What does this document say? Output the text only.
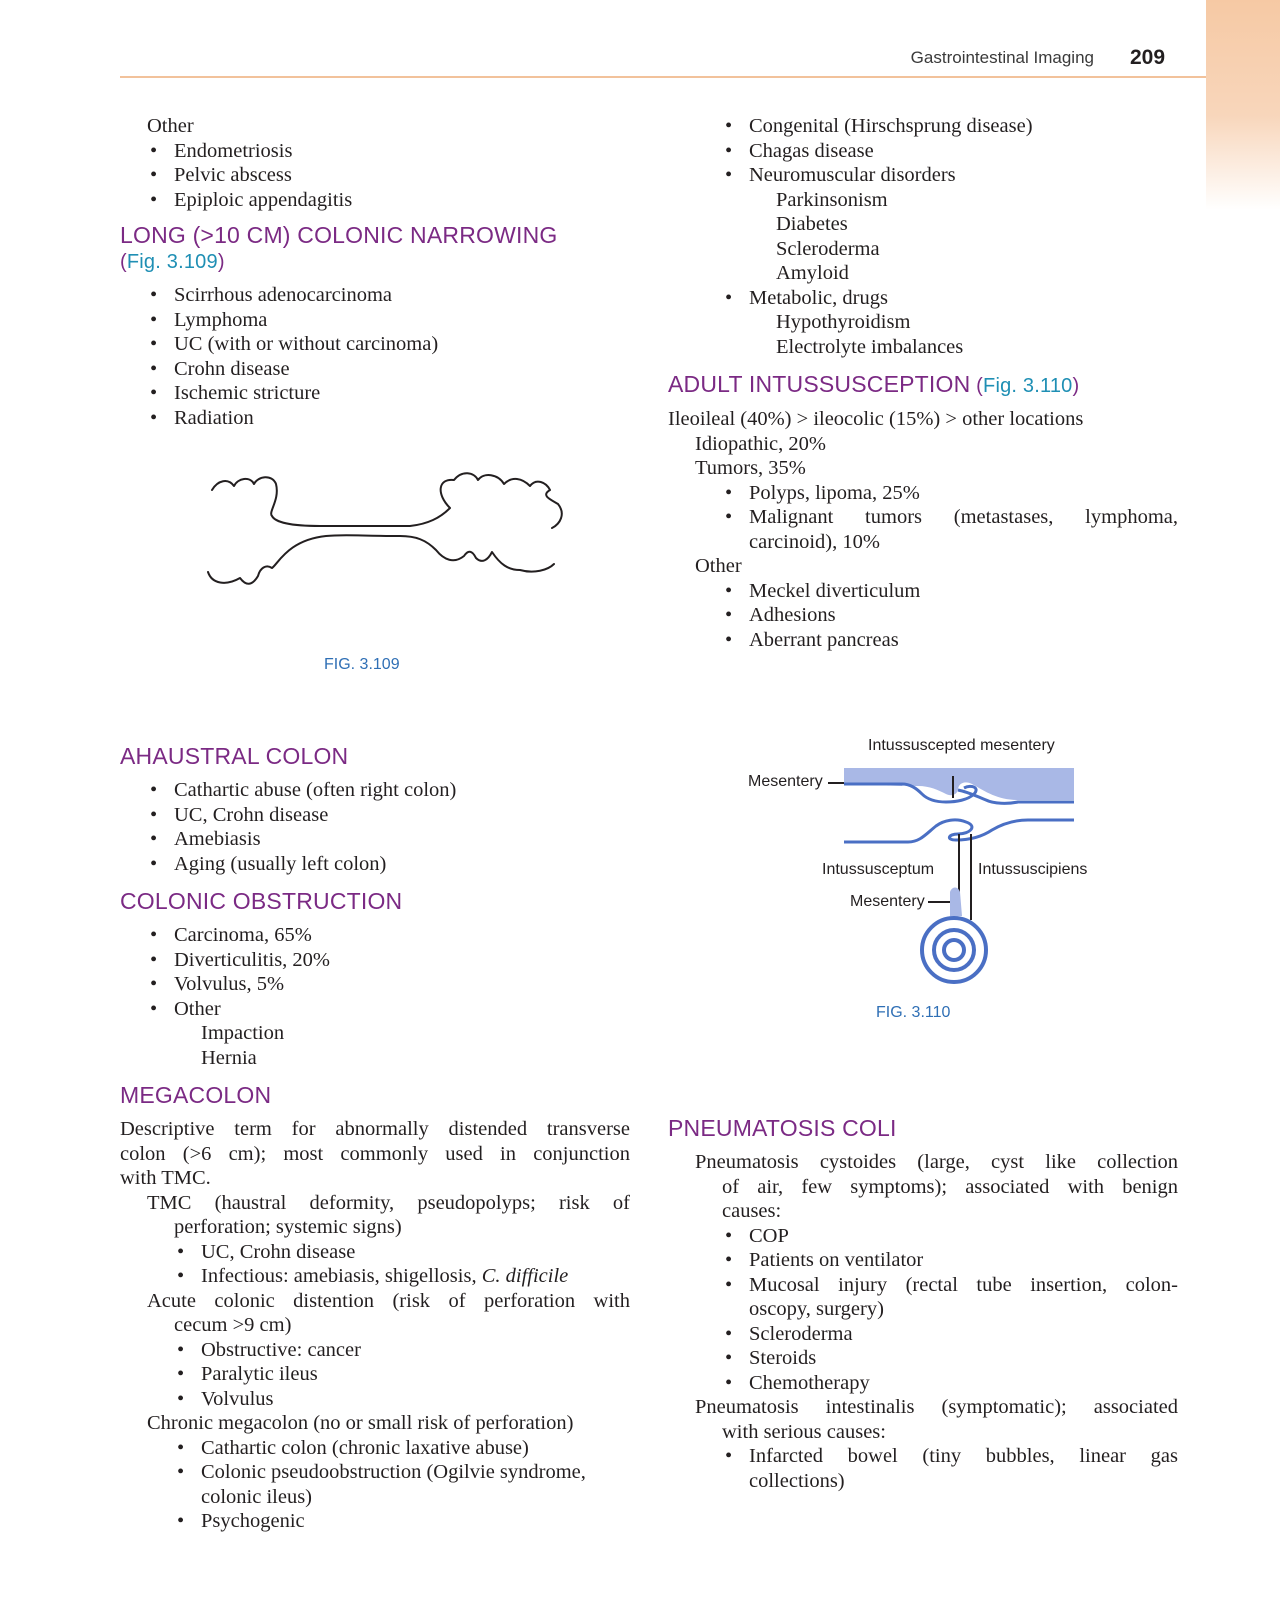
Gastrointestinal Imaging 209
Other
• Endometriosis
• Pelvic abscess
• Epiploic appendagitis
LONG (>10 CM) COLONIC NARROWING
(Fig. 3.109)
• Scirrhous adenocarcinoma
• Lymphoma
• UC (with or without carcinoma)
• Crohn disease
• Ischemic stricture
• Radiation
FIG. 3.109
AHAUSTRAL COLON
• Cathartic abuse (often right colon)
• UC, Crohn disease
• Amebiasis
• Aging (usually left colon)
COLONIC OBSTRUCTION
• Carcinoma, 65%
• Diverticulitis, 20%
• Volvulus, 5%
• Other
Impaction
Hernia
MEGACOLON
Descriptive term for abnormally distended transverse
colon (>6 cm); most commonly used in conjunction
with TMC.
TMC (haustral deformity, pseudopolyps; risk of
perforation; systemic signs)
• UC, Crohn disease
• Infectious: amebiasis, shigellosis, C. difficile
Acute colonic distention (risk of perforation with
cecum >9 cm)
• Obstructive: cancer
• Paralytic ileus
• Volvulus
Chronic megacolon (no or small risk of perforation)
• Cathartic colon (chronic laxative abuse)
• Colonic pseudoobstruction (Ogilvie syndrome,
colonic ileus)
• Psychogenic
• Congenital (Hirschsprung disease)
• Chagas disease
• Neuromuscular disorders
Parkinsonism
Diabetes
Scleroderma
Amyloid
• Metabolic, drugs
Hypothyroidism
Electrolyte imbalances
ADULT INTUSSUSCEPTION (Fig. 3.110)
Ileoileal (40%) > ileocolic (15%) > other locations
Idiopathic, 20%
Tumors, 35%
• Polyps, lipoma, 25%
• Malignant tumors (metastases, lymphoma,
carcinoid), 10%
Other
• Meckel diverticulum
• Adhesions
• Aberrant pancreas
Intussuscepted mesentery
Mesentery
Intussusceptum	Intussuscipiens
Mesentery
FIG. 3.110
PNEUMATOSIS COLI
Pneumatosis cystoides (large, cyst like collection
of air, few symptoms); associated with benign
causes:
• COP
• Patients on ventilator
• Mucosal injury (rectal tube insertion, colon-
oscopy, surgery)
• Scleroderma
• Steroids
• Chemotherapy
Pneumatosis intestinalis (symptomatic); associated
with serious causes:
• Infarcted bowel (tiny bubbles, linear gas
collections)
